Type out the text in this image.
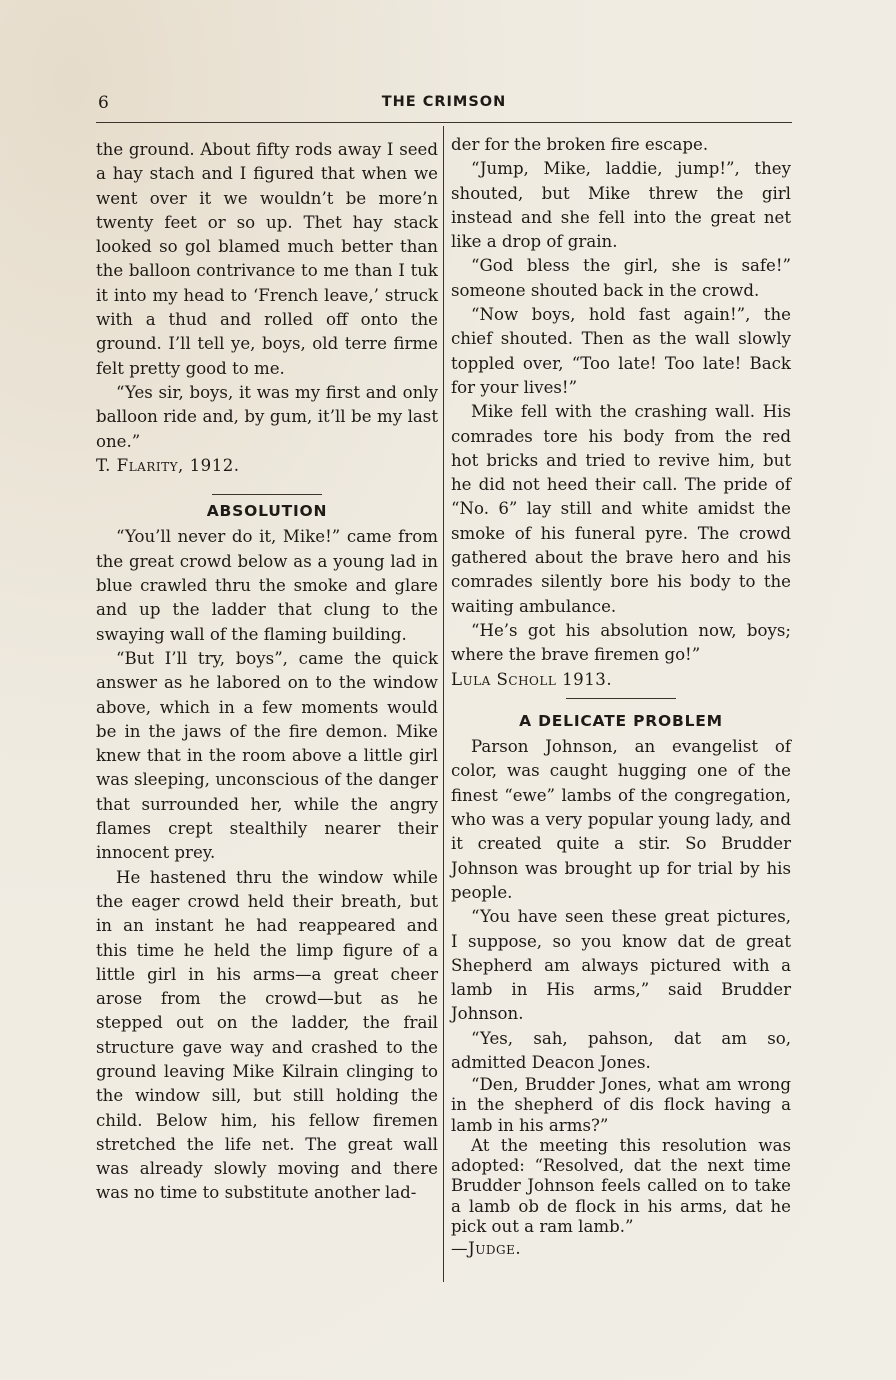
6	THE CRIMSON

the ground. About fifty rods away I seed a hay stach and I figured that when we went over it we wouldn’t be more’n twenty feet or so up. Thet hay stack looked so gol blamed much better than the balloon contrivance to me than I tuk it into my head to ‘French leave,’ struck with a thud and rolled off onto the ground. I’ll tell ye, boys, old terre firme felt pretty good to me.

“Yes sir, boys, it was my first and only balloon ride and, by gum, it’ll be my last one.”

T. Flarity, 1912.

ABSOLUTION

“You’ll never do it, Mike!” came from the great crowd below as a young lad in blue crawled thru the smoke and glare and up the ladder that clung to the swaying wall of the flaming building.

“But I’ll try, boys”, came the quick answer as he labored on to the window above, which in a few moments would be in the jaws of the fire demon. Mike knew that in the room above a little girl was sleeping, unconscious of the danger that surrounded her, while the angry flames crept stealthily nearer their innocent prey.

He hastened thru the window while the eager crowd held their breath, but in an instant he had reappeared and this time he held the limp figure of a little girl in his arms—a great cheer arose from the crowd—but as he stepped out on the ladder, the frail structure gave way and crashed to the ground leaving Mike Kilrain clinging to the window sill, but still holding the child. Below him, his fellow firemen stretched the life net. The great wall was already slowly moving and there was no time to substitute another lad-

der for the broken fire escape.

“Jump, Mike, laddie, jump!”, they shouted, but Mike threw the girl instead and she fell into the great net like a drop of grain.

“God bless the girl, she is safe!” someone shouted back in the crowd.

“Now boys, hold fast again!”, the chief shouted. Then as the wall slowly toppled over, “Too late! Too late! Back for your lives!”

Mike fell with the crashing wall. His comrades tore his body from the red hot bricks and tried to revive him, but he did not heed their call. The pride of “No. 6” lay still and white amidst the smoke of his funeral pyre. The crowd gathered about the brave hero and his comrades silently bore his body to the waiting ambulance.

“He’s got his absolution now, boys; where the brave firemen go!”

Lula Scholl 1913.

A DELICATE PROBLEM

Parson Johnson, an evangelist of color, was caught hugging one of the finest “ewe” lambs of the congregation, who was a very popular young lady, and it created quite a stir. So Brudder Johnson was brought up for trial by his people.

“You have seen these great pictures, I suppose, so you know dat de great Shepherd am always pictured with a lamb in His arms,” said Brudder Johnson.

“Yes, sah, pahson, dat am so, admitted Deacon Jones.

“Den, Brudder Jones, what am wrong in the shepherd of dis flock having a lamb in his arms?”

At the meeting this resolution was adopted: “Resolved, dat the next time Brudder Johnson feels called on to take a lamb ob de flock in his arms, dat he pick out a ram lamb.”

—Judge.
